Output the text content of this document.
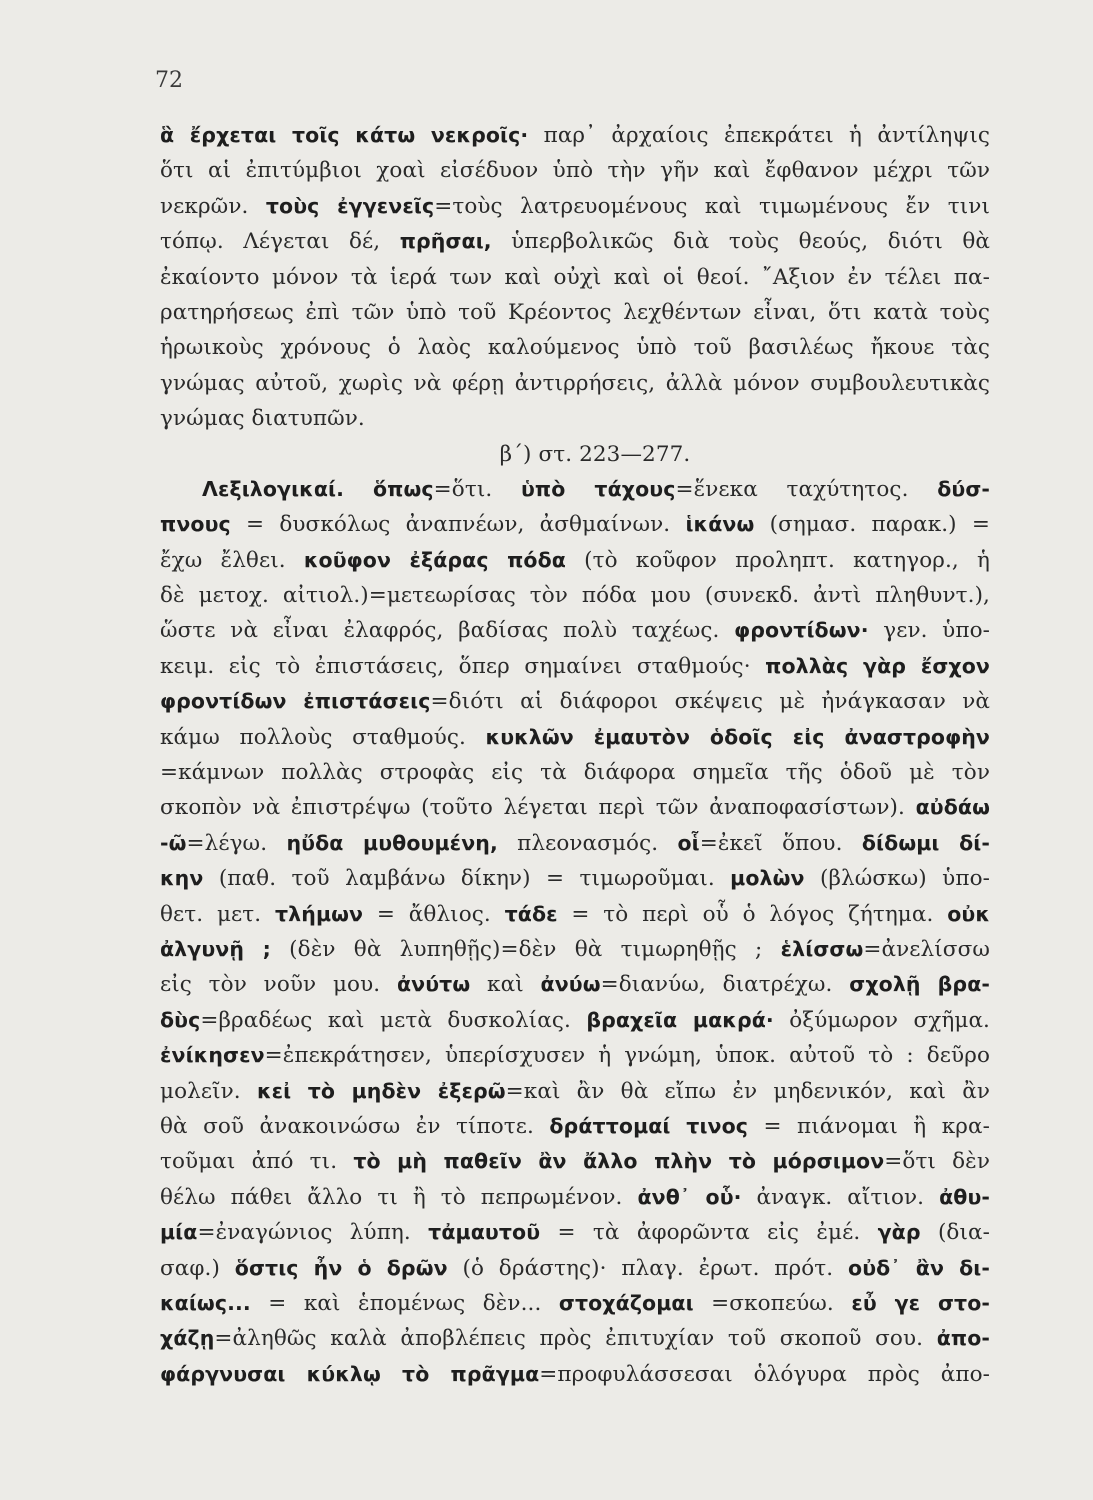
72
ἃ ἔρχεται τοῖς κάτω νεκροῖς· παρ᾽ ἀρχαίοις ἐπεκράτει ἡ ἀντίληψις
ὅτι αἱ ἐπιτύμβιοι χοαὶ εἰσέδυον ὑπὸ τὴν γῆν καὶ ἔφθανον μέχρι τῶν
νεκρῶν. τοὺς ἐγγενεῖς=τοὺς λατρευομένους καὶ τιμωμένους ἔν τινι
τόπῳ. Λέγεται δέ, πρῆσαι, ὑπερβολικῶς διὰ τοὺς θεούς, διότι θὰ
ἐκαίοντο μόνον τὰ ἱερά των καὶ οὐχὶ καὶ οἱ θεοί. ῎Αξιον ἐν τέλει πα-
ρατηρήσεως ἐπὶ τῶν ὑπὸ τοῦ Κρέοντος λεχθέντων εἶναι, ὅτι κατὰ τοὺς
ἡρωικοὺς χρόνους ὁ λαὸς καλούμενος ὑπὸ τοῦ βασιλέως ἤκουε τὰς
γνώμας αὐτοῦ, χωρὶς νὰ φέρῃ ἀντιρρήσεις, ἀλλὰ μόνον συμβουλευτικὰς
γνώμας διατυπῶν.
β΄) στ. 223—277.
Λεξιλογικαί. ὅπως=ὅτι. ὑπὸ τάχους=ἕνεκα ταχύτητος. δύσ-
πνους = δυσκόλως ἀναπνέων, ἀσθμαίνων. ἱκάνω (σημασ. παρακ.) =
ἔχω ἔλθει. κοῦφον ἐξάρας πόδα (τὸ κοῦφον προληπτ. κατηγορ., ἡ
δὲ μετοχ. αἰτιολ.)=μετεωρίσας τὸν πόδα μου (συνεκδ. ἀντὶ πληθυντ.),
ὥστε νὰ εἶναι ἐλαφρός, βαδίσας πολὺ ταχέως. φροντίδων· γεν. ὑπο-
κειμ. εἰς τὸ ἐπιστάσεις, ὅπερ σημαίνει σταθμούς· πολλὰς γὰρ ἔσχον
φροντίδων ἐπιστάσεις=διότι αἱ διάφοροι σκέψεις μὲ ἠνάγκασαν νὰ
κάμω πολλοὺς σταθμούς. κυκλῶν ἐμαυτὸν ὁδοῖς εἰς ἀναστροφὴν
=κάμνων πολλὰς στροφὰς εἰς τὰ διάφορα σημεῖα τῆς ὁδοῦ μὲ τὸν
σκοπὸν νὰ ἐπιστρέψω (τοῦτο λέγεται περὶ τῶν ἀναποφασίστων). αὐδάω
-ῶ=λέγω. ηὔδα μυθουμένη, πλεονασμός. οἷ=ἐκεῖ ὅπου. δίδωμι δί-
κην (παθ. τοῦ λαμβάνω δίκην) = τιμωροῦμαι. μολὼν (βλώσκω) ὑπο-
θετ. μετ. τλήμων = ἄθλιος. τάδε = τὸ περὶ οὗ ὁ λόγος ζήτημα. οὐκ
ἀλγυνῇ ; (δὲν θὰ λυπηθῇς)=δὲν θὰ τιμωρηθῇς ; ἑλίσσω=ἀνελίσσω
εἰς τὸν νοῦν μου. ἀνύτω καὶ ἀνύω=διανύω, διατρέχω. σχολῇ βρα-
δὺς=βραδέως καὶ μετὰ δυσκολίας. βραχεῖα μακρά· ὀξύμωρον σχῆμα.
ἐνίκησεν=ἐπεκράτησεν, ὑπερίσχυσεν ἡ γνώμη, ὑποκ. αὐτοῦ τὸ : δεῦρο
μολεῖν. κεἰ τὸ μηδὲν ἐξερῶ=καὶ ἂν θὰ εἴπω ἐν μηδενικόν, καὶ ἂν
θὰ σοῦ ἀνακοινώσω ἐν τίποτε. δράττομαί τινος = πιάνομαι ἢ κρα-
τοῦμαι ἀπό τι. τὸ μὴ παθεῖν ἂν ἄλλο πλὴν τὸ μόρσιμον=ὅτι δὲν
θέλω πάθει ἄλλο τι ἢ τὸ πεπρωμένον. ἀνθ᾽ οὗ· ἀναγκ. αἴτιον. ἀθυ-
μία=ἐναγώνιος λύπη. τἀμαυτοῦ = τὰ ἀφορῶντα εἰς ἐμέ. γὰρ (δια-
σαφ.) ὅστις ἦν ὁ δρῶν (ὁ δράστης)· πλαγ. ἐρωτ. πρότ. οὐδ᾽ ἂν δι-
καίως... = καὶ ἑπομένως δὲν... στοχάζομαι =σκοπεύω. εὖ γε στο-
χάζῃ=ἀληθῶς καλὰ ἀποβλέπεις πρὸς ἐπιτυχίαν τοῦ σκοποῦ σου. ἀπο-
φάργνυσαι κύκλῳ τὸ πρᾶγμα=προφυλάσσεσαι ὁλόγυρα πρὸς ἀπο-
